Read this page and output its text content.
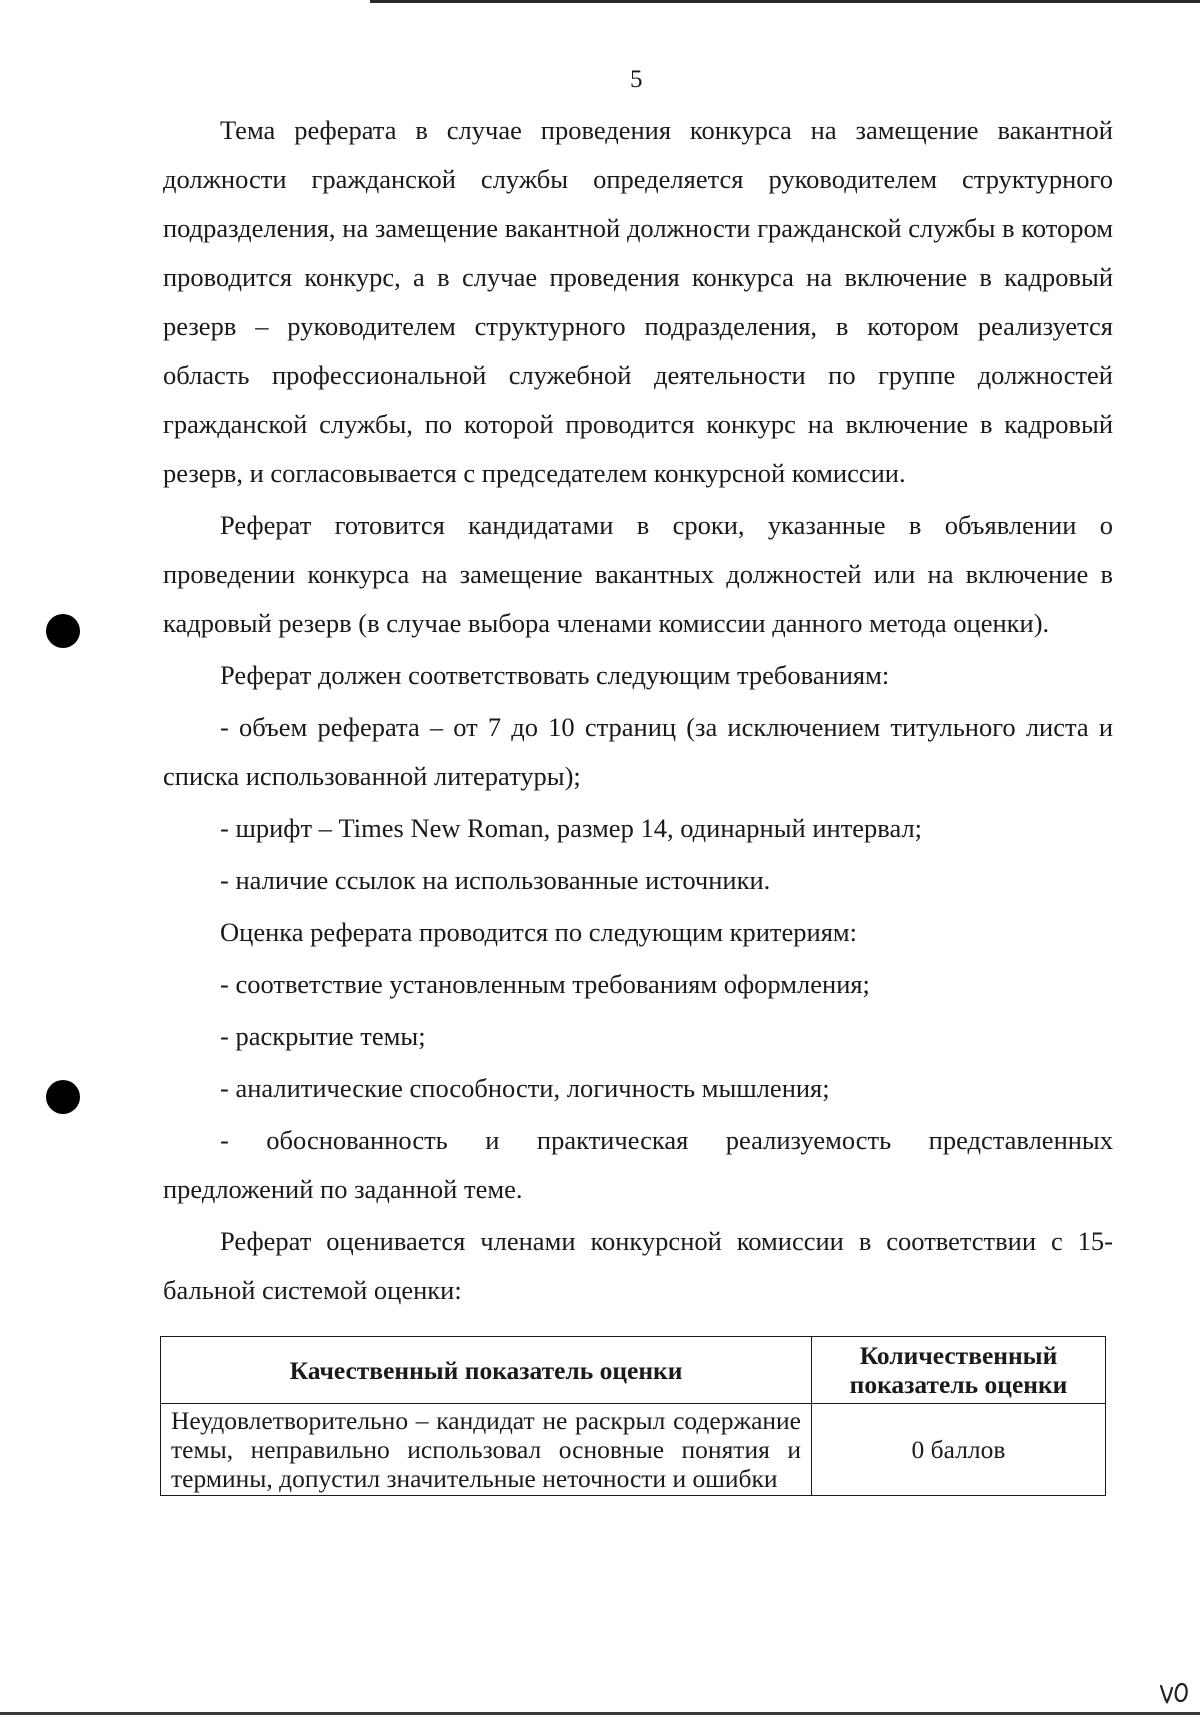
5

Тема реферата в случае проведения конкурса на замещение вакантной должности гражданской службы определяется руководителем структурного подразделения, на замещение вакантной должности гражданской службы в котором проводится конкурс, а в случае проведения конкурса на включение в кадровый резерв – руководителем структурного подразделения, в котором реализуется область профессиональной служебной деятельности по группе должностей гражданской службы, по которой проводится конкурс на включение в кадровый резерв, и согласовывается с председателем конкурсной комиссии.

Реферат готовится кандидатами в сроки, указанные в объявлении о проведении конкурса на замещение вакантных должностей или на включение в кадровый резерв (в случае выбора членами комиссии данного метода оценки).

Реферат должен соответствовать следующим требованиям:

- объем реферата – от 7 до 10 страниц (за исключением титульного листа и списка использованной литературы);

- шрифт – Times New Roman, размер 14, одинарный интервал;

- наличие ссылок на использованные источники.

Оценка реферата проводится по следующим критериям:

- соответствие установленным требованиям оформления;

- раскрытие темы;

- аналитические способности, логичность мышления;

- обоснованность и практическая реализуемость представленных предложений по заданной теме.

Реферат оценивается членами конкурсной комиссии в соответствии с 15-бальной системой оценки:

Качественный показатель оценки	Количественный показатель оценки
Неудовлетворительно – кандидат не раскрыл содержание темы, неправильно использовал основные понятия и термины, допустил значительные неточности и ошибки	0 баллов
